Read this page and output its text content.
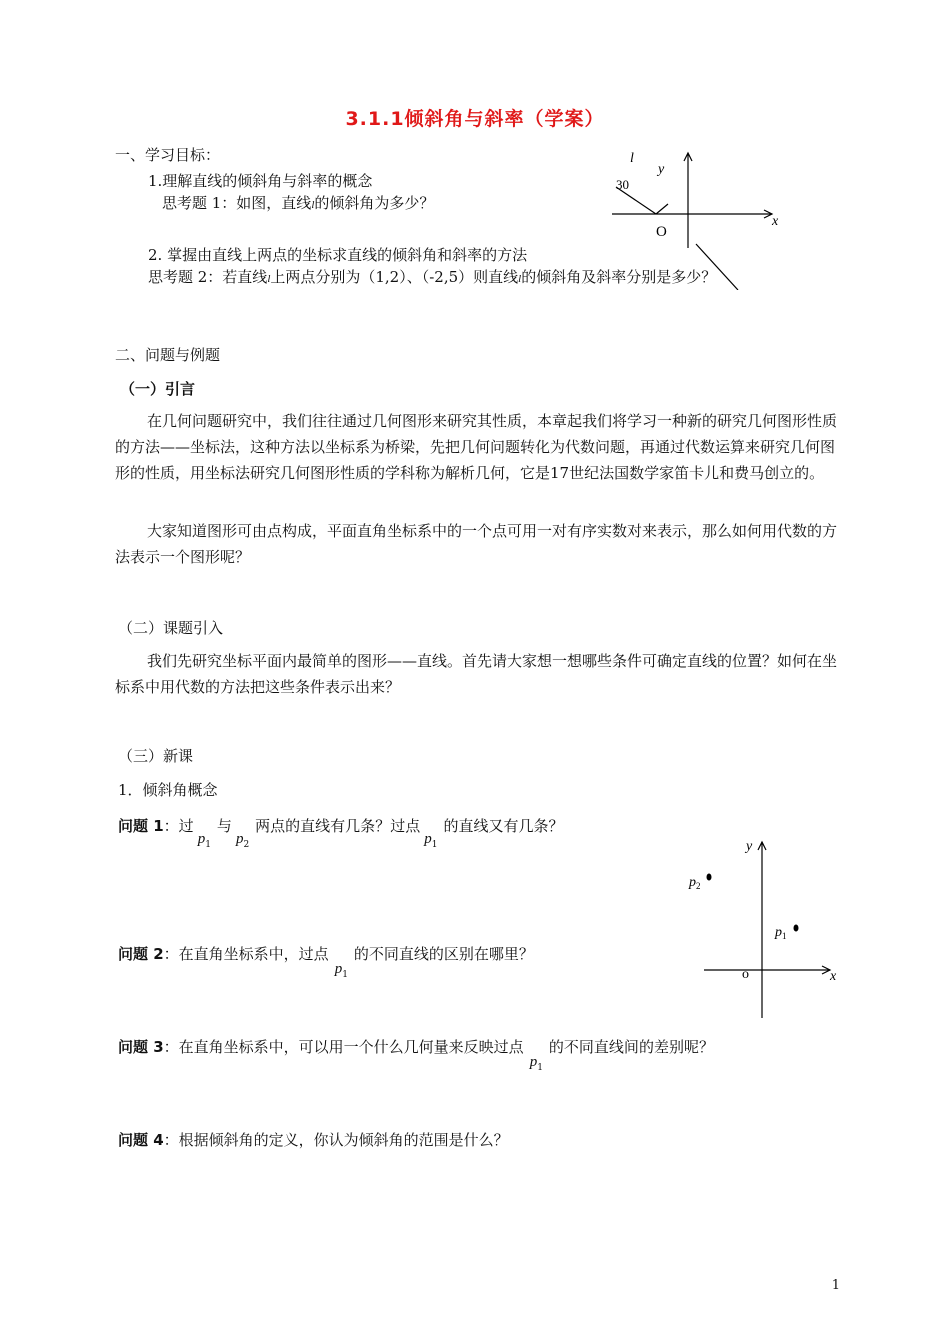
3.1.1倾斜角与斜率（学案）
一、学习目标：
1.理解直线的倾斜角与斜率的概念
思考题 1：如图，直线l的倾斜角为多少？
2. 掌握由直线上两点的坐标求直线的倾斜角和斜率的方法
思考题 2：若直线l上两点分别为（1,2）、（-2,5）则直线l的倾斜角及斜率分别是多少？
l
30
y
x
O
二、问题与例题
（一）引言
在几何问题研究中，我们往往通过几何图形来研究其性质，本章起我们将学习一种新的研究几何图形性质的方法——坐标法，这种方法以坐标系为桥梁，先把几何问题转化为代数问题，再通过代数运算来研究几何图形的性质，用坐标法研究几何图形性质的学科称为解析几何，它是17世纪法国数学家笛卡儿和费马创立的。
大家知道图形可由点构成，平面直角坐标系中的一个点可用一对有序实数对来表示，那么如何用代数的方法表示一个图形呢？
（二）课题引入
我们先研究坐标平面内最简单的图形——直线。首先请大家想一想哪些条件可确定直线的位置？如何在坐标系中用代数的方法把这些条件表示出来？
（三）新课
1．倾斜角概念
问题 1：过$p_1$与$p_2$两点的直线有几条？过点$p_1$的直线又有几条？
y
x
o
$p_2$
$p_1$
问题 2：在直角坐标系中，过点$p_1$的不同直线的区别在哪里？
问题 3：在直角坐标系中，可以用一个什么几何量来反映过点$p_1$的不同直线间的差别呢？
问题 4：根据倾斜角的定义，你认为倾斜角的范围是什么？
1
